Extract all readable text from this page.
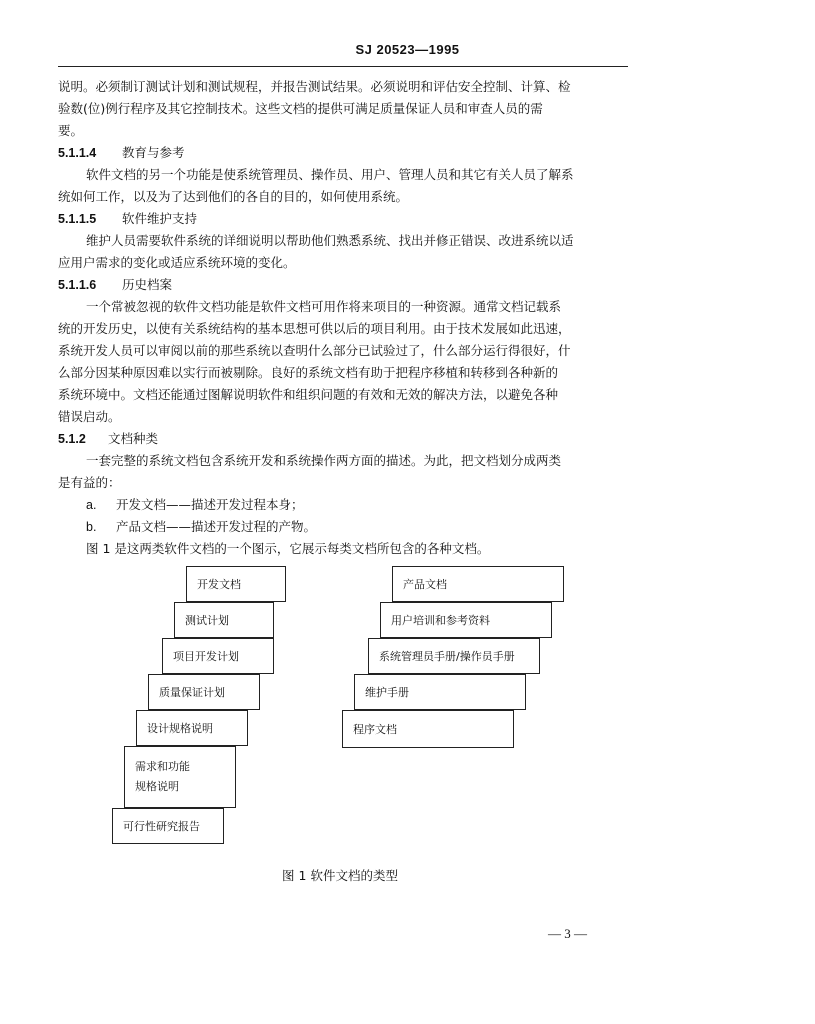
SJ 20523—1995
说明。必须制订测试计划和测试规程，并报告测试结果。必须说明和评估安全控制、计算、检
验数(位)例行程序及其它控制技术。这些文档的提供可满足质量保证人员和审查人员的需
要。
5.1.1.4 教育与参考
软件文档的另一个功能是使系统管理员、操作员、用户、管理人员和其它有关人员了解系
统如何工作，以及为了达到他们的各自的目的，如何使用系统。
5.1.1.5 软件维护支持
维护人员需要软件系统的详细说明以帮助他们熟悉系统、找出并修正错误、改进系统以适
应用户需求的变化或适应系统环境的变化。
5.1.1.6 历史档案
一个常被忽视的软件文档功能是软件文档可用作将来项目的一种资源。通常文档记载系
统的开发历史，以使有关系统结构的基本思想可供以后的项目利用。由于技术发展如此迅速，
系统开发人员可以审阅以前的那些系统以查明什么部分已试验过了，什么部分运行得很好，什
么部分因某种原因难以实行而被剔除。良好的系统文档有助于把程序移植和转移到各种新的
系统环境中。文档还能通过图解说明软件和组织问题的有效和无效的解决方法，以避免各种
错误启动。
5.1.2 文档种类
一套完整的系统文档包含系统开发和系统操作两方面的描述。为此，把文档划分成两类
是有益的：
a. 开发文档——描述开发过程本身；
b. 产品文档——描述开发过程的产物。
图 1 是这两类软件文档的一个图示，它展示每类文档所包含的各种文档。
开发文档
测试计划
项目开发计划
质量保证计划
设计规格说明
需求和功能
规格说明
可行性研究报告
产品文档
用户培训和参考资料
系统管理员手册/操作员手册
维护手册
程序文档
图 1 软件文档的类型
— 3 —
